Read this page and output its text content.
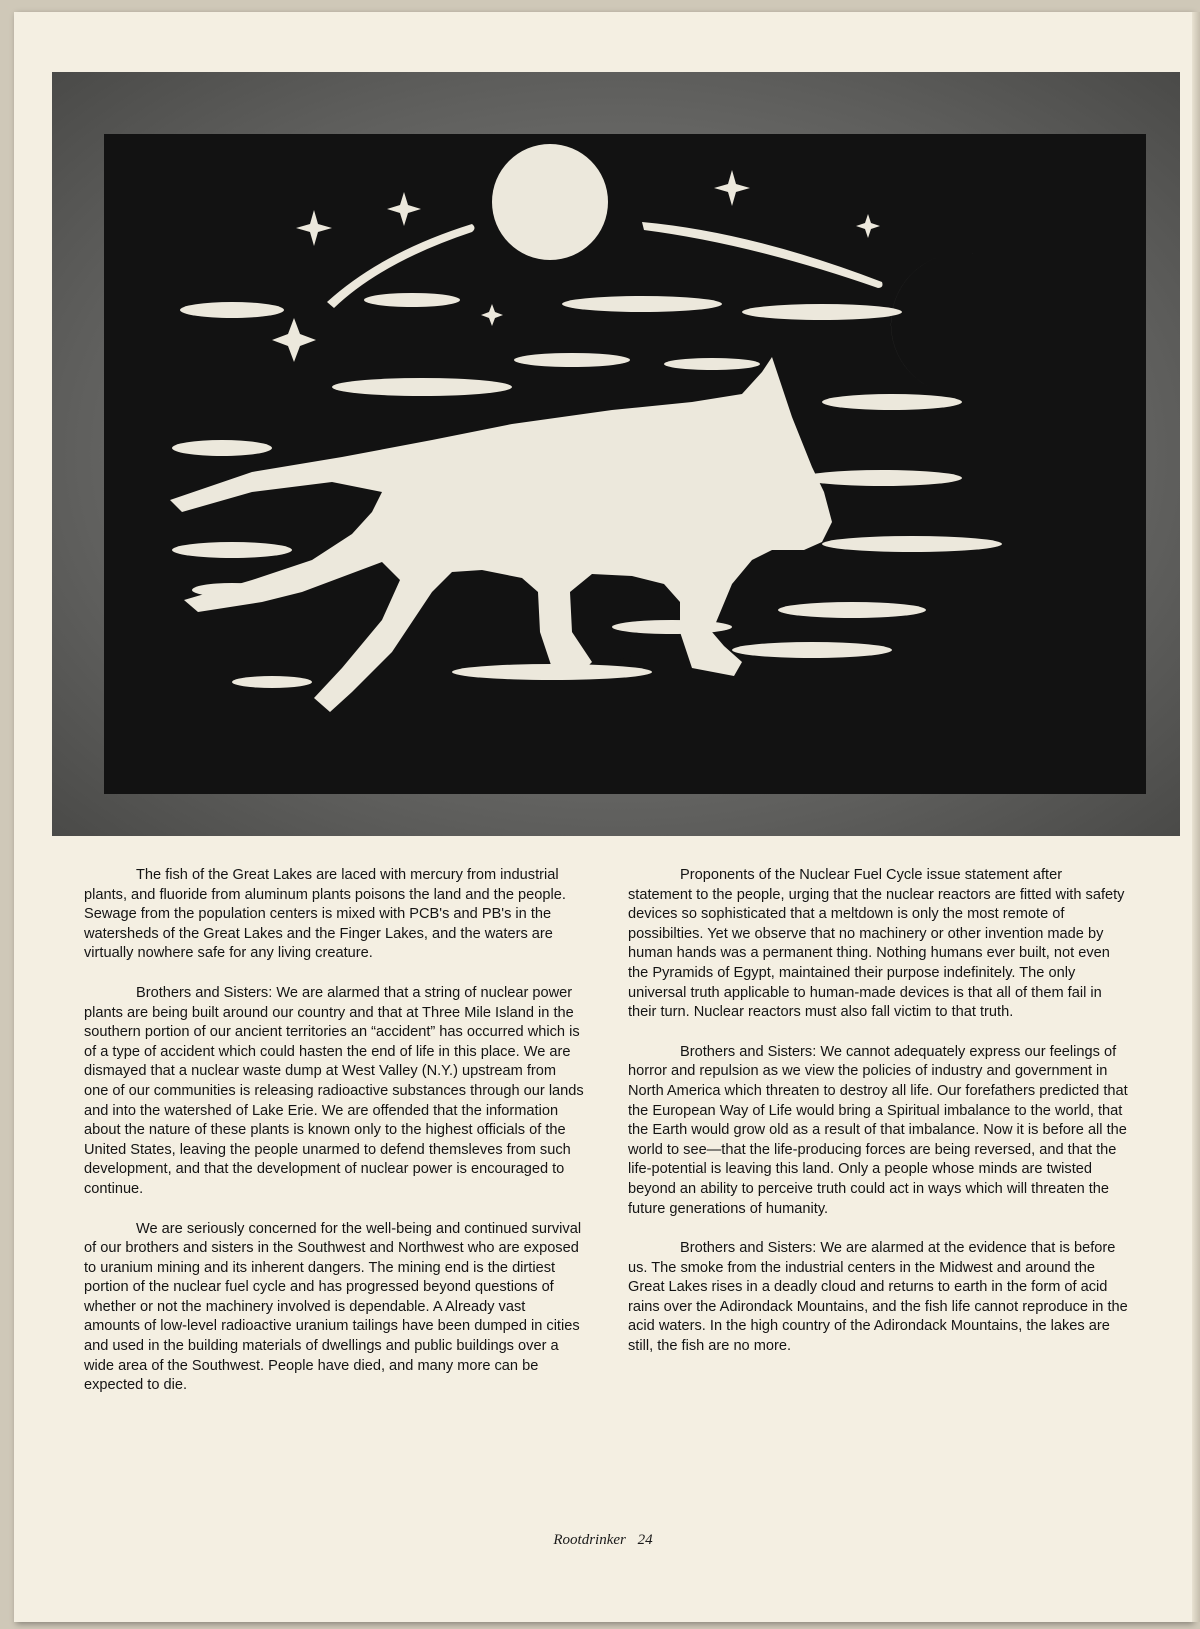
The fish of the Great Lakes are laced with mercury from industrial plants, and fluoride from aluminum plants poisons the land and the people. Sewage from the population centers is mixed with PCB's and PB's in the watersheds of the Great Lakes and the Finger Lakes, and the waters are virtually nowhere safe for any living creature.

Brothers and Sisters: We are alarmed that a string of nuclear power plants are being built around our country and that at Three Mile Island in the southern portion of our ancient territories an “accident” has occurred which is of a type of accident which could hasten the end of life in this place. We are dismayed that a nuclear waste dump at West Valley (N.Y.) upstream from one of our communities is releasing radioactive substances through our lands and into the watershed of Lake Erie. We are offended that the information about the nature of these plants is known only to the highest officials of the United States, leaving the people unarmed to defend themsleves from such development, and that the development of nuclear power is encouraged to continue.

We are seriously concerned for the well-being and continued survival of our brothers and sisters in the Southwest and Northwest who are exposed to uranium mining and its inherent dangers. The mining end is the dirtiest portion of the nuclear fuel cycle and has progressed beyond questions of whether or not the machinery involved is dependable. A Already vast amounts of low-level radioactive uranium tailings have been dumped in cities and used in the building materials of dwellings and public buildings over a wide area of the Southwest. People have died, and many more can be expected to die.

Proponents of the Nuclear Fuel Cycle issue statement after statement to the people, urging that the nuclear reactors are fitted with safety devices so sophisticated that a meltdown is only the most remote of possibilties. Yet we observe that no machinery or other invention made by human hands was a permanent thing. Nothing humans ever built, not even the Pyramids of Egypt, maintained their purpose indefinitely. The only universal truth applicable to human-made devices is that all of them fail in their turn. Nuclear reactors must also fall victim to that truth.

Brothers and Sisters: We cannot adequately express our feelings of horror and repulsion as we view the policies of industry and government in North America which threaten to destroy all life. Our forefathers predicted that the European Way of Life would bring a Spiritual imbalance to the world, that the Earth would grow old as a result of that imbalance. Now it is before all the world to see—that the life-producing forces are being reversed, and that the life-potential is leaving this land. Only a people whose minds are twisted beyond an ability to perceive truth could act in ways which will threaten the future generations of humanity.

Brothers and Sisters: We are alarmed at the evidence that is before us. The smoke from the industrial centers in the Midwest and around the Great Lakes rises in a deadly cloud and returns to earth in the form of acid rains over the Adirondack Mountains, and the fish life cannot reproduce in the acid waters. In the high country of the Adirondack Mountains, the lakes are still, the fish are no more.

Rootdrinker 24
